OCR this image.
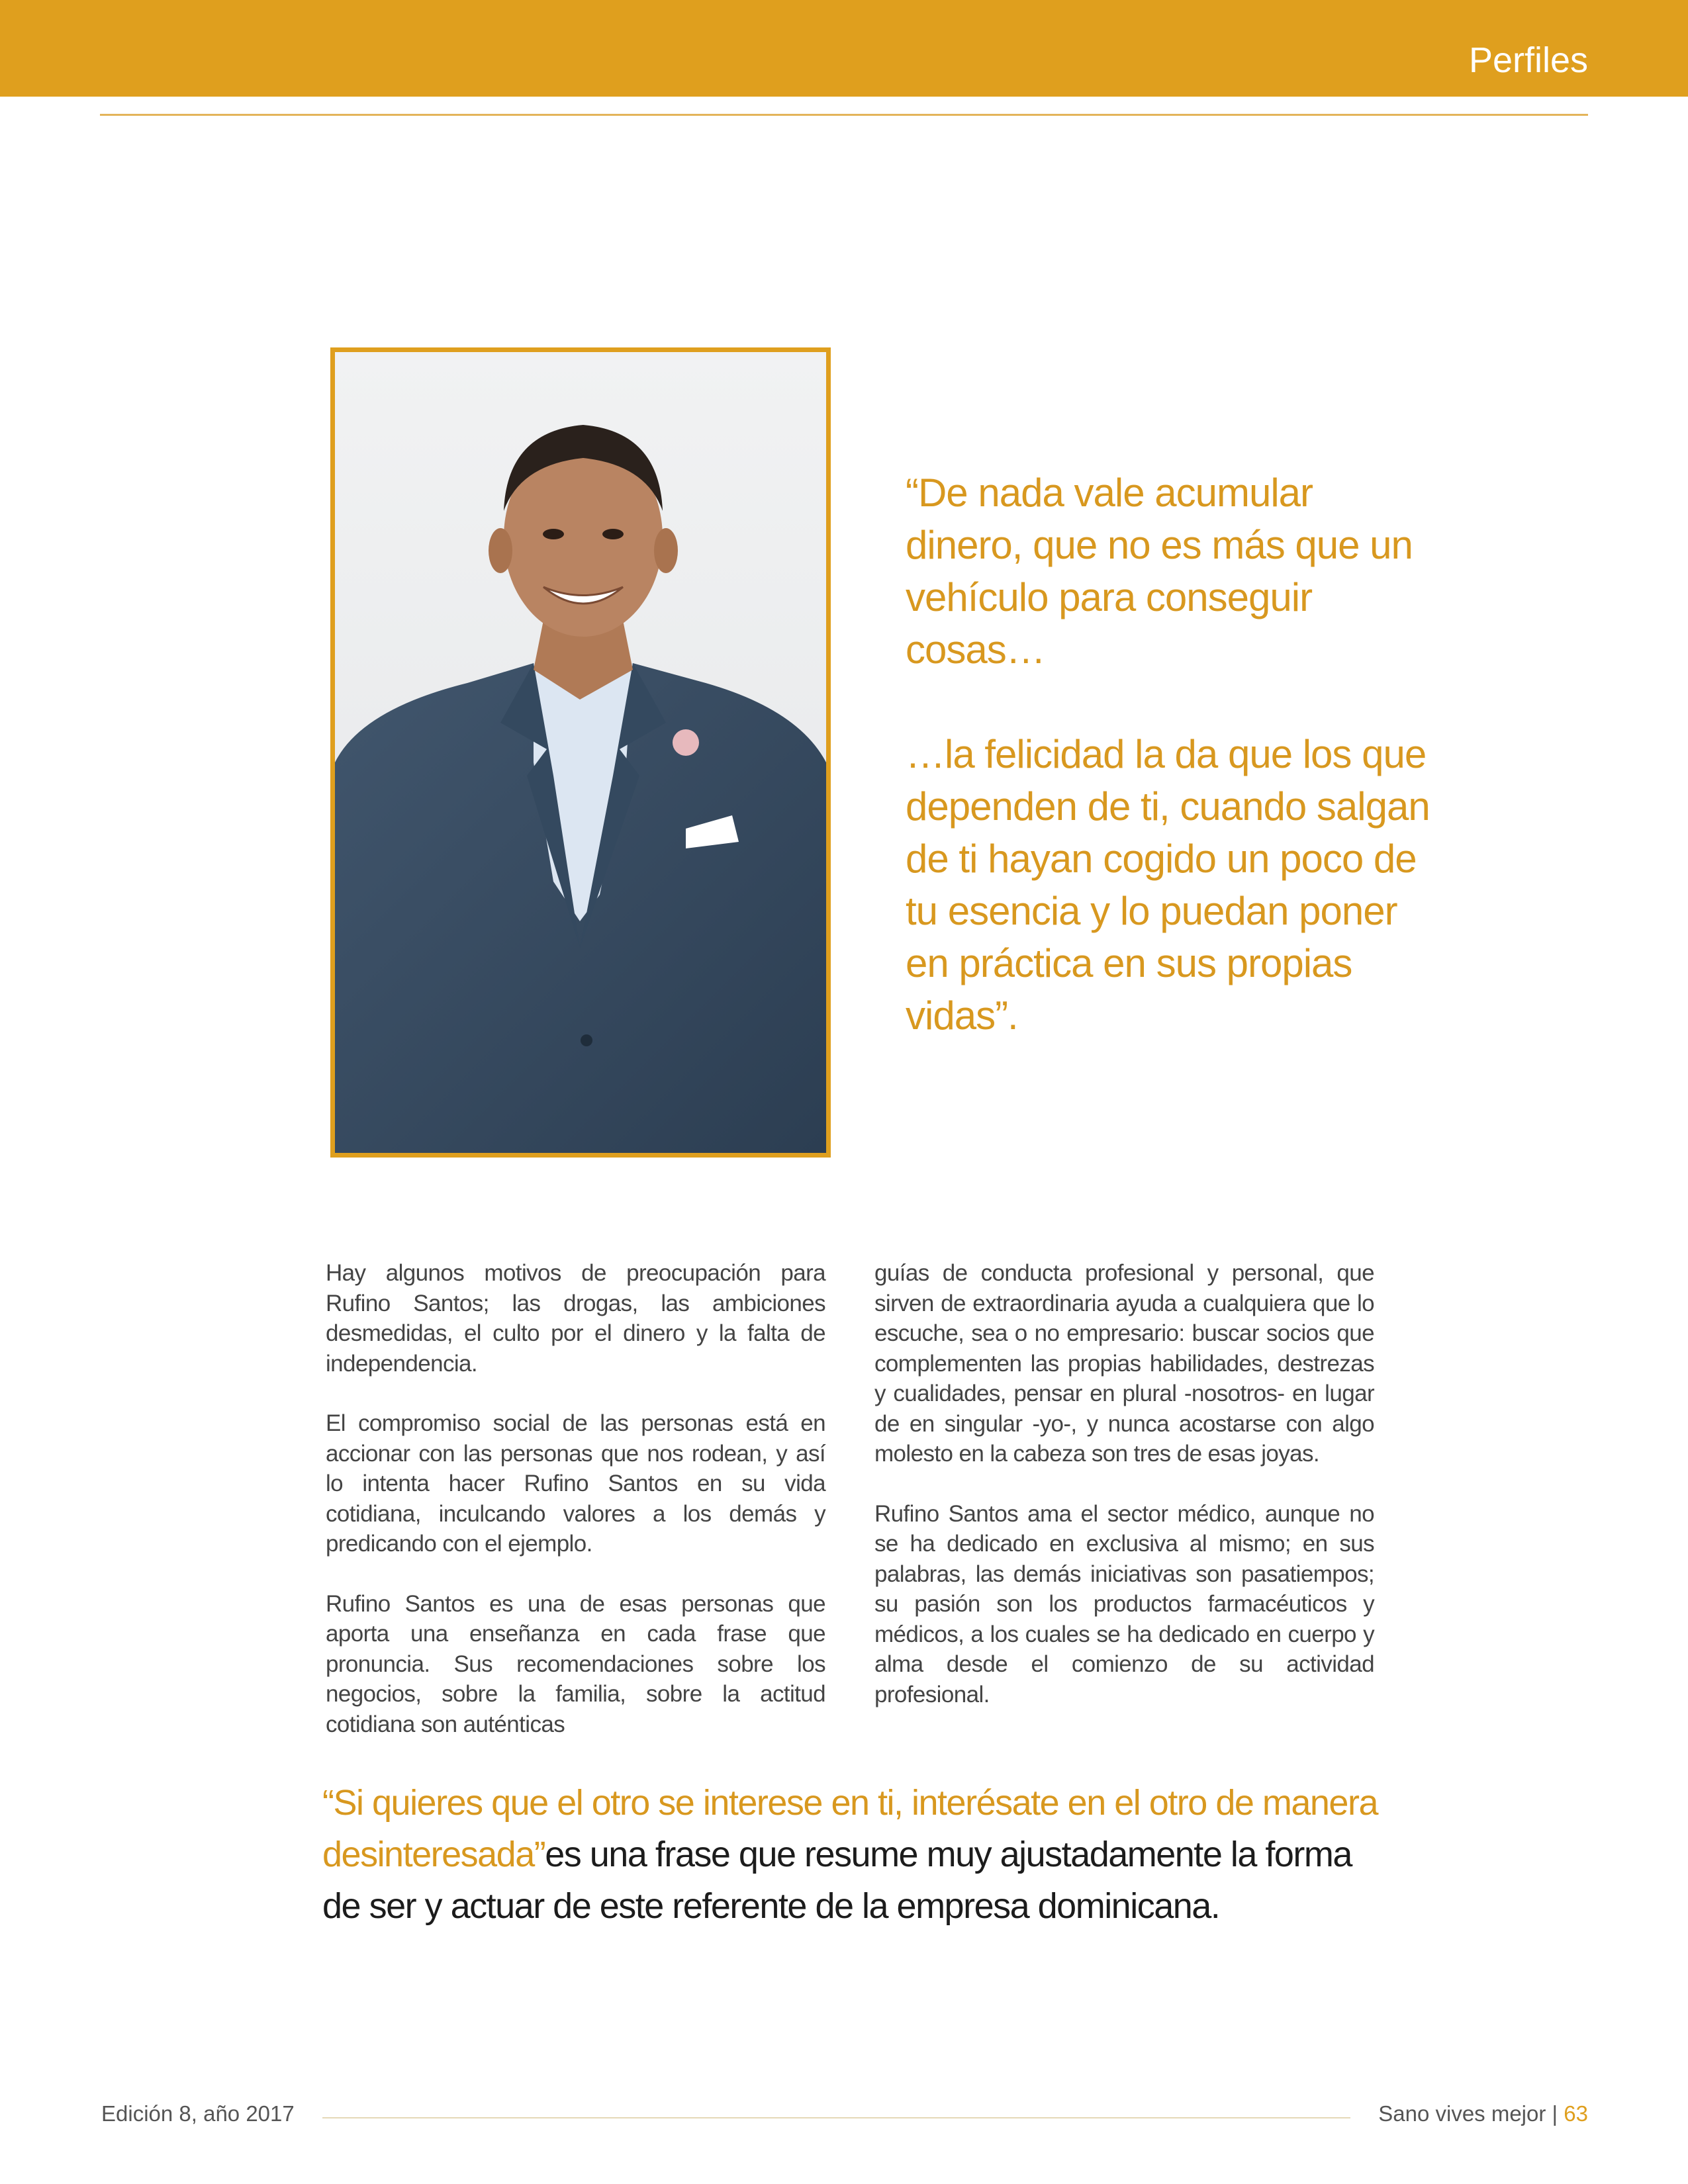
Perfiles

“De nada vale acumular dinero, que no es más que un vehículo para conseguir cosas…

…la felicidad la da que los que dependen de ti, cuando salgan de ti hayan cogido un poco de tu esencia y lo puedan poner en práctica en sus propias vidas”.

Hay algunos motivos de preocupación para Rufino Santos; las drogas, las ambiciones desmedidas, el culto por el dinero y la falta de independencia.

El compromiso social de las personas está en accionar con las personas que nos rodean, y así lo intenta hacer Rufino Santos en su vida cotidiana, inculcando valores a los demás y predicando con el ejemplo.

Rufino Santos es una de esas personas que aporta una enseñanza en cada frase que pronuncia. Sus recomendaciones sobre los negocios, sobre la familia, sobre la actitud cotidiana son auténticas

guías de conducta profesional y personal, que sirven de extraordinaria ayuda a cualquiera que lo escuche, sea o no empresario: buscar socios que complementen las propias habilidades, destrezas y cualidades, pensar en plural -nosotros- en lugar de en singular -yo-, y nunca acostarse con algo molesto en la cabeza son tres de esas joyas.

Rufino Santos ama el sector médico, aunque no se ha dedicado en exclusiva al mismo; en sus palabras, las demás iniciativas son pasatiempos; su pasión son los productos farmacéuticos y médicos, a los cuales se ha dedicado en cuerpo y alma desde el comienzo de su actividad profesional.

“Si quieres que el otro se interese en ti, interésate en el otro de manera desinteresada”es una frase que resume muy ajustadamente la forma de ser y actuar de este referente de la empresa dominicana.
Edición 8, año 2017	Sano vives mejor | 63
